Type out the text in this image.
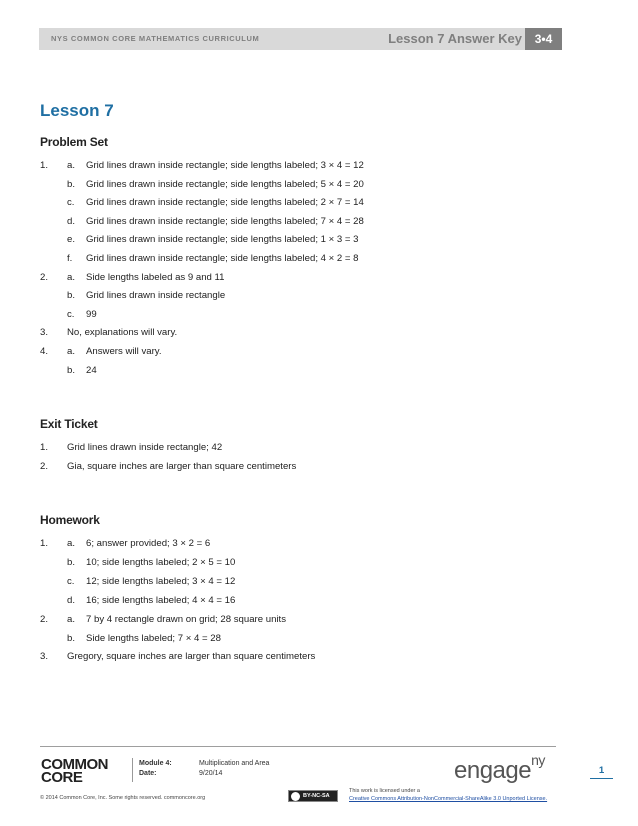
NYS COMMON CORE MATHEMATICS CURRICULUM	Lesson 7 Answer Key	3•4
Lesson 7
Problem Set
1. a. Grid lines drawn inside rectangle; side lengths labeled; 3 × 4 = 12
b. Grid lines drawn inside rectangle; side lengths labeled; 5 × 4 = 20
c. Grid lines drawn inside rectangle; side lengths labeled; 2 × 7 = 14
d. Grid lines drawn inside rectangle; side lengths labeled; 7 × 4 = 28
e. Grid lines drawn inside rectangle; side lengths labeled; 1 × 3 = 3
f. Grid lines drawn inside rectangle; side lengths labeled; 4 × 2 = 8
2. a. Side lengths labeled as 9 and 11
b. Grid lines drawn inside rectangle
c. 99
3. No, explanations will vary.
4. a. Answers will vary.
b. 24
Exit Ticket
1. Grid lines drawn inside rectangle; 42
2. Gia, square inches are larger than square centimeters
Homework
1. a. 6; answer provided; 3 × 2 = 6
b. 10; side lengths labeled; 2 × 5 = 10
c. 12; side lengths labeled; 3 × 4 = 12
d. 16; side lengths labeled; 4 × 4 = 16
2. a. 7 by 4 rectangle drawn on grid; 28 square units
b. Side lengths labeled; 7 × 4 = 28
3. Gregory, square inches are larger than square centimeters
COMMON
CORE
Module 4:	Multiplication and Area
Date:	9/20/14	engage$^{ny}$
1
© 2014 Common Core, Inc. Some rights reserved. commoncore.org	BY-NC-SA
This work is licensed under a
Creative Commons Attribution-NonCommercial-ShareAlike 3.0 Unported License.
